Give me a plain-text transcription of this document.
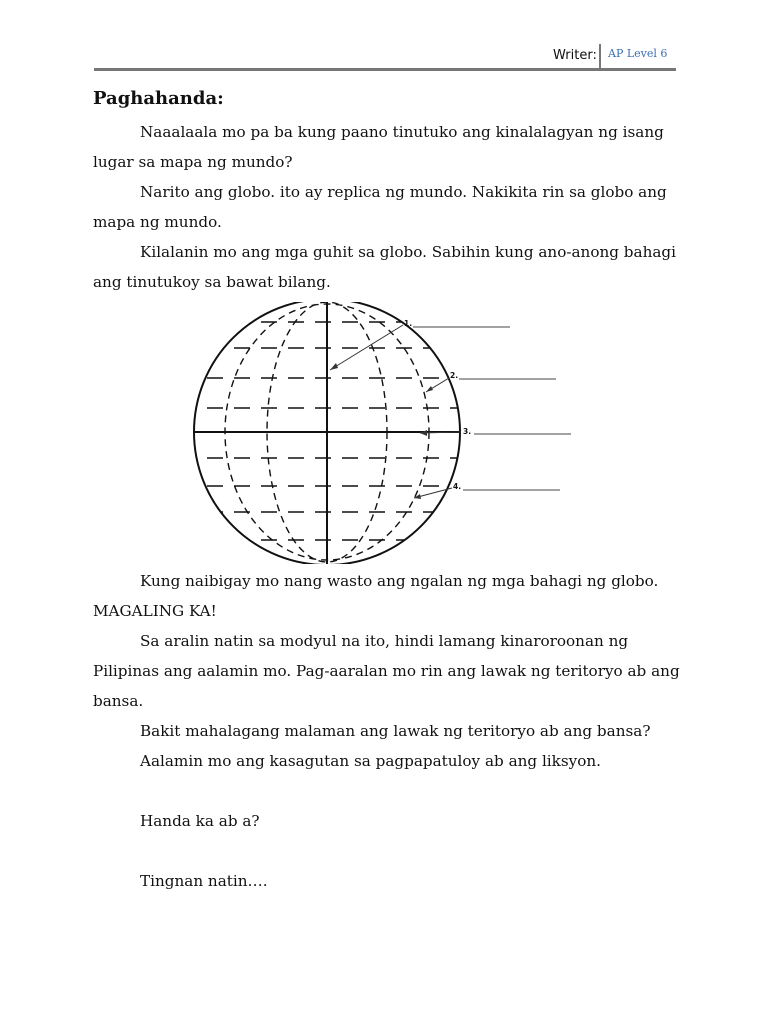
Writer: AP Level 6
Paghahanda:

Naaalaala mo pa ba kung paano tinutuko ang kinalalagyan ng isang lugar sa mapa ng mundo?

Narito ang globo. ito ay replica ng mundo. Nakikita rin sa globo ang mapa ng mundo.

Kilalanin mo ang mga guhit sa globo. Sabihin kung ano-anong bahagi ang tinutukoy sa bawat bilang.

1.
2.
3.
4.

Kung naibigay mo nang wasto ang ngalan ng mga bahagi ng globo. MAGALING KA!

Sa aralin natin sa modyul na ito, hindi lamang kinaroroonan ng Pilipinas ang aalamin mo. Pag-aaralan mo rin ang lawak ng teritoryo ab ang bansa.

Bakit mahalagang malaman ang lawak ng teritoryo ab ang bansa?

Aalamin mo ang kasagutan sa pagpapatuloy ab ang liksyon.

Handa ka ab a?

Tingnan natin….
